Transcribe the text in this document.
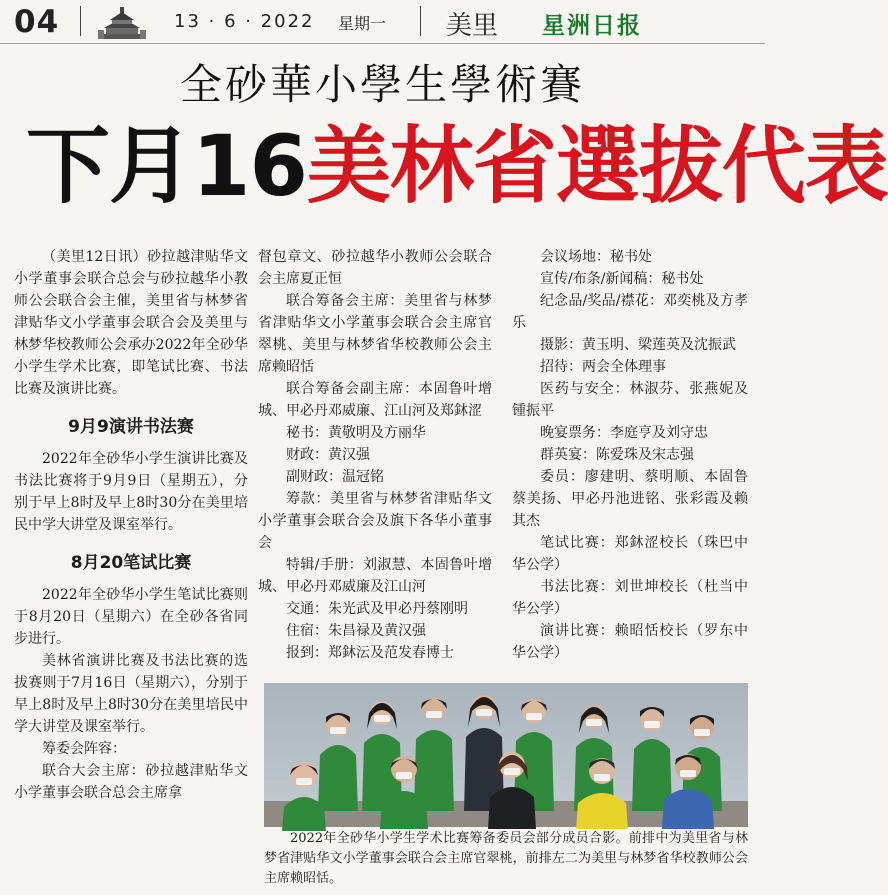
04	13 · 6 · 2022 星期一 美里 星洲日报
全砂華小學生學術賽
下月16美林省選拔代表

（美里12日讯）砂拉越津贴华文小学董事会联合总会与砂拉越华小教师公会联合会主催，美里省与林梦省津贴华文小学董事会联合会及美里与林梦华校教师公会承办2022年全砂华小学生学术比赛，即笔试比赛、书法比赛及演讲比赛。

9月9演讲书法赛

2022年全砂华小学生演讲比赛及书法比赛将于9月9日（星期五），分别于早上8时及早上8时30分在美里培民中学大讲堂及课室举行。

8月20笔试比赛

2022年全砂华小学生笔试比赛则于8月20日（星期六）在全砂各省同步进行。

美林省演讲比赛及书法比赛的选拔赛则于7月16日（星期六），分别于早上8时及早上8时30分在美里培民中学大讲堂及课室举行。

筹委会阵容：

联合大会主席：砂拉越津贴华文小学董事会联合总会主席拿

督包章文、砂拉越华小教师公会联合会主席夏正恒

联合筹备会主席：美里省与林梦省津贴华文小学董事会联合会主席官翠桃、美里与林梦省华校教师公会主席赖昭恬

联合筹备会副主席：本固鲁叶增城、甲必丹邓威廉、江山河及郑鈢涩

秘书：黄敬明及方丽华

财政：黄汉强

副财政：温冠铭

筹款：美里省与林梦省津贴华文小学董事会联合会及旗下各华小董事会

特辑/手册：刘淑慧、本固鲁叶增城、甲必丹邓威廉及江山河

交通：朱光武及甲必丹蔡刚明

住宿：朱昌禄及黄汉强

报到：郑鈢沄及范发春博士

会议场地：秘书处

宣传/布条/新闻稿：秘书处

纪念品/奖品/襟花：邓奕桃及方孝乐

摄影：黄玉明、梁莲英及沈振武

招待：两会全体理事

医药与安全：林淑芬、张燕妮及锺振平

晚宴票务：李庭亨及刘守忠

群英宴：陈爱珠及宋志强

委员：廖建明、蔡明顺、本固鲁蔡美扬、甲必丹池进铭、张彩霞及赖其杰

笔试比赛：郑鈢涩校长（珠巴中华公学）

书法比赛：刘世坤校长（杜当中华公学）

演讲比赛：赖昭恬校长（罗东中华公学）

2022年全砂华小学生学术比赛筹备委员会部分成员合影。前排中为美里省与林梦省津贴华文小学董事会联合会主席官翠桃，前排左二为美里与林梦省华校教师公会主席赖昭恬。
